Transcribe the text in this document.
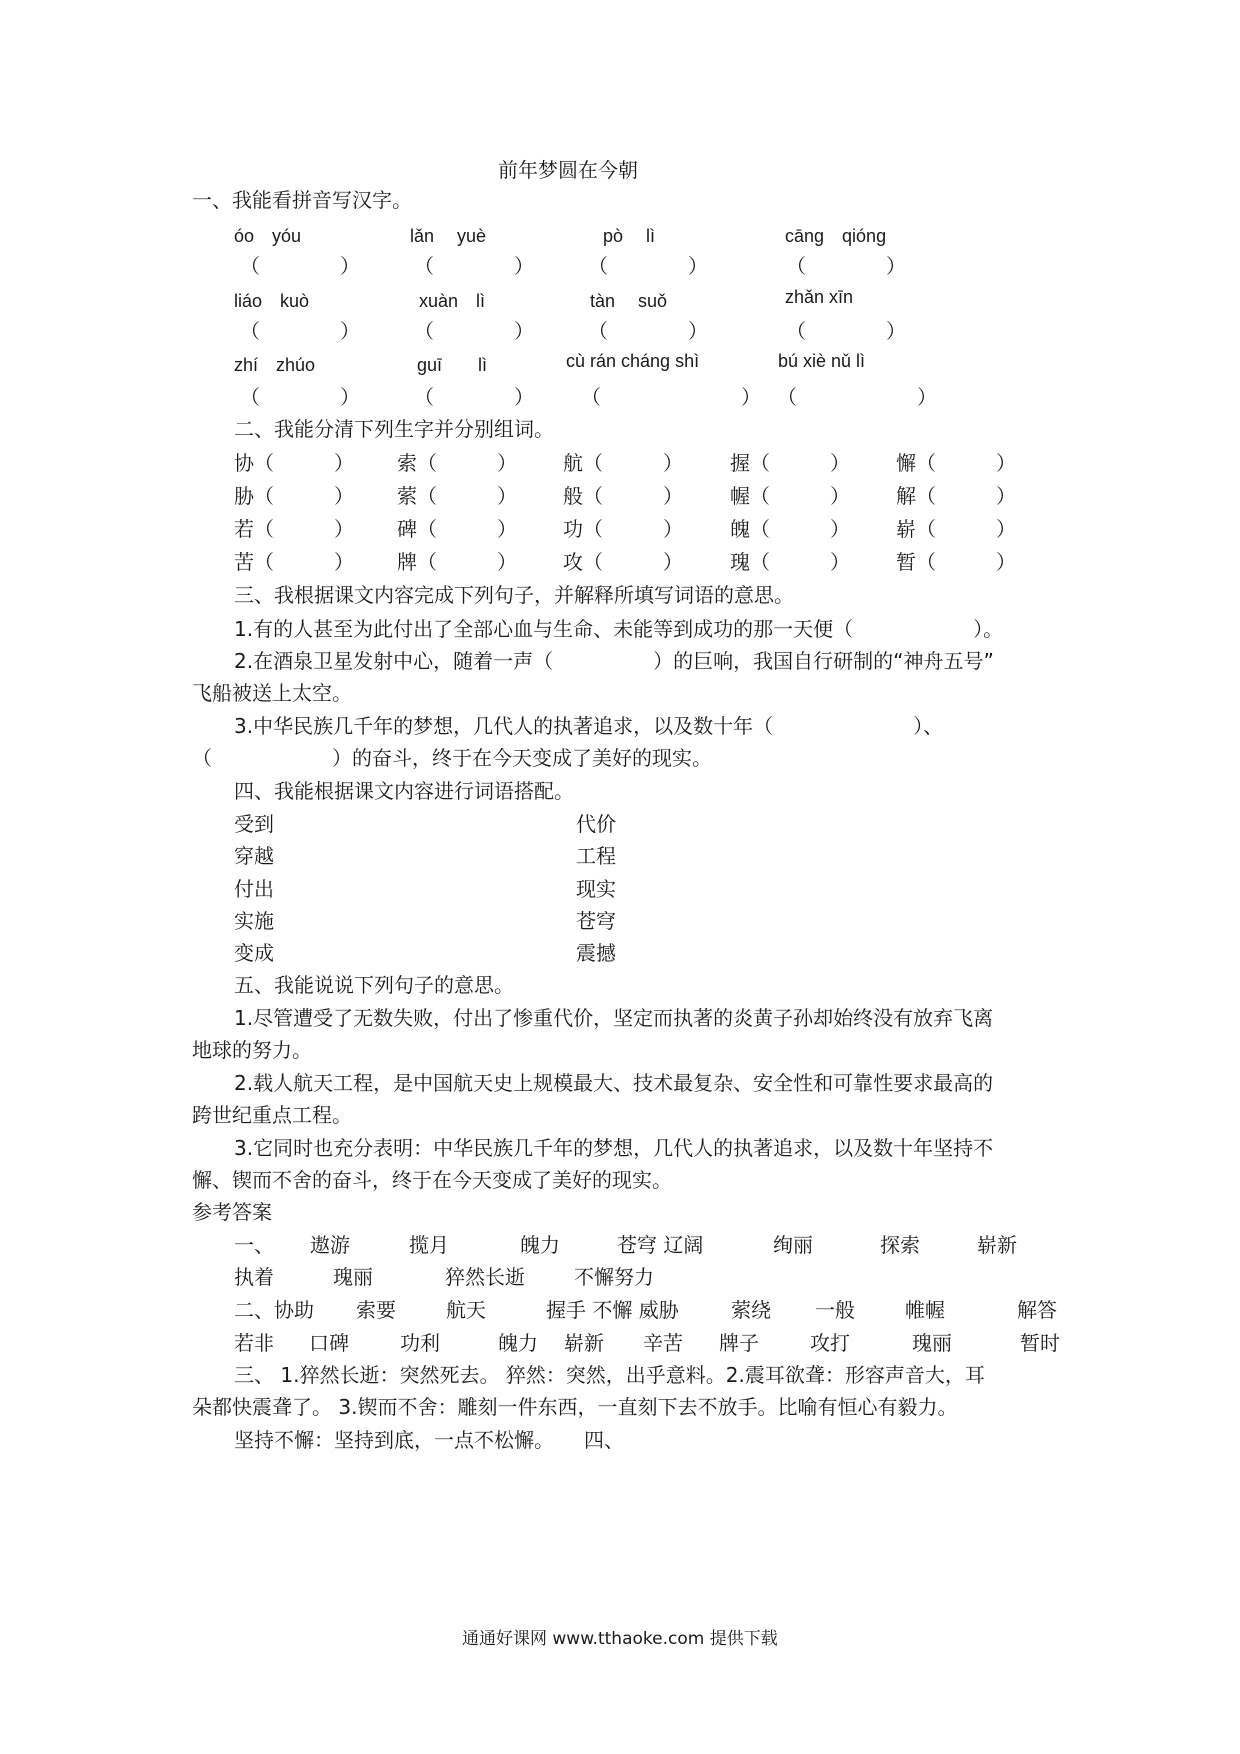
前年梦圆在今朝
一、我能看拼音写汉字。
óo　yóu	lǎn　 yuè	pò　 lì	cāng　qióng
（　　　　）	（　　　　）	（　　　　）	（　　　　）
liáo　kuò	xuàn　lì	tàn　 suǒ	zhǎn xīn
（　　　　）	（　　　　）	（　　　　）	（　　　　）
zhí　zhúo	guī　　lì	cù rán cháng shì	bú xiè nǔ lì
（　　　　）	（　　　　） （　　　　　　　） （　　　　　　）
二、我能分清下列生字并分别组词。
协（　　　） 索（　　　） 航（　　　） 握（　　　） 懈（　　　）
胁（　　　） 萦（　　　） 般（　　　） 幄（　　　） 解（　　　）
若（　　　） 碑（　　　） 功（　　　） 魄（　　　） 崭（　　　）
苦（　　　） 牌（　　　） 攻（　　　） 瑰（　　　） 暂（　　　）
三、我根据课文内容完成下列句子，并解释所填写词语的意思。
1.有的人甚至为此付出了全部心血与生命、未能等到成功的那一天便（　　　　　　）。
2.在酒泉卫星发射中心，随着一声（　　　　　）的巨响，我国自行研制的“神舟五号”
飞船被送上太空。
3.中华民族几千年的梦想，几代人的执著追求，以及数十年（　　　　　　　）、
（　　　　　　）的奋斗，终于在今天变成了美好的现实。
四、我能根据课文内容进行词语搭配。
受到	代价
穿越	工程
付出	现实
实施	苍穹
变成	震撼
五、我能说说下列句子的意思。
1.尽管遭受了无数失败，付出了惨重代价，坚定而执著的炎黄子孙却始终没有放弃飞离
地球的努力。
2.载人航天工程，是中国航天史上规模最大、技术最复杂、安全性和可靠性要求最高的
跨世纪重点工程。
3.它同时也充分表明：中华民族几千年的梦想，几代人的执著追求，以及数十年坚持不
懈、锲而不舍的奋斗，终于在今天变成了美好的现实。
参考答案
一、 遨游	揽月	魄力	苍穹 辽阔	绚丽	探索	崭新
执着	瑰丽	猝然长逝 不懈努力
二、协助 索要	航天	握手 不懈 威胁	萦绕 一般	帷幄	解答
若非 口碑	功利	魄力 崭新 辛苦 牌子	攻打	瑰丽	暂时
三、 1.猝然长逝：突然死去。 猝然：突然，出乎意料。2.震耳欲聋：形容声音大，耳
朵都快震聋了。 3.锲而不舍：雕刻一件东西，一直刻下去不放手。比喻有恒心有毅力。
坚持不懈：坚持到底，一点不松懈。　　四、
通通好课网 www.tthaoke.com 提供下载
